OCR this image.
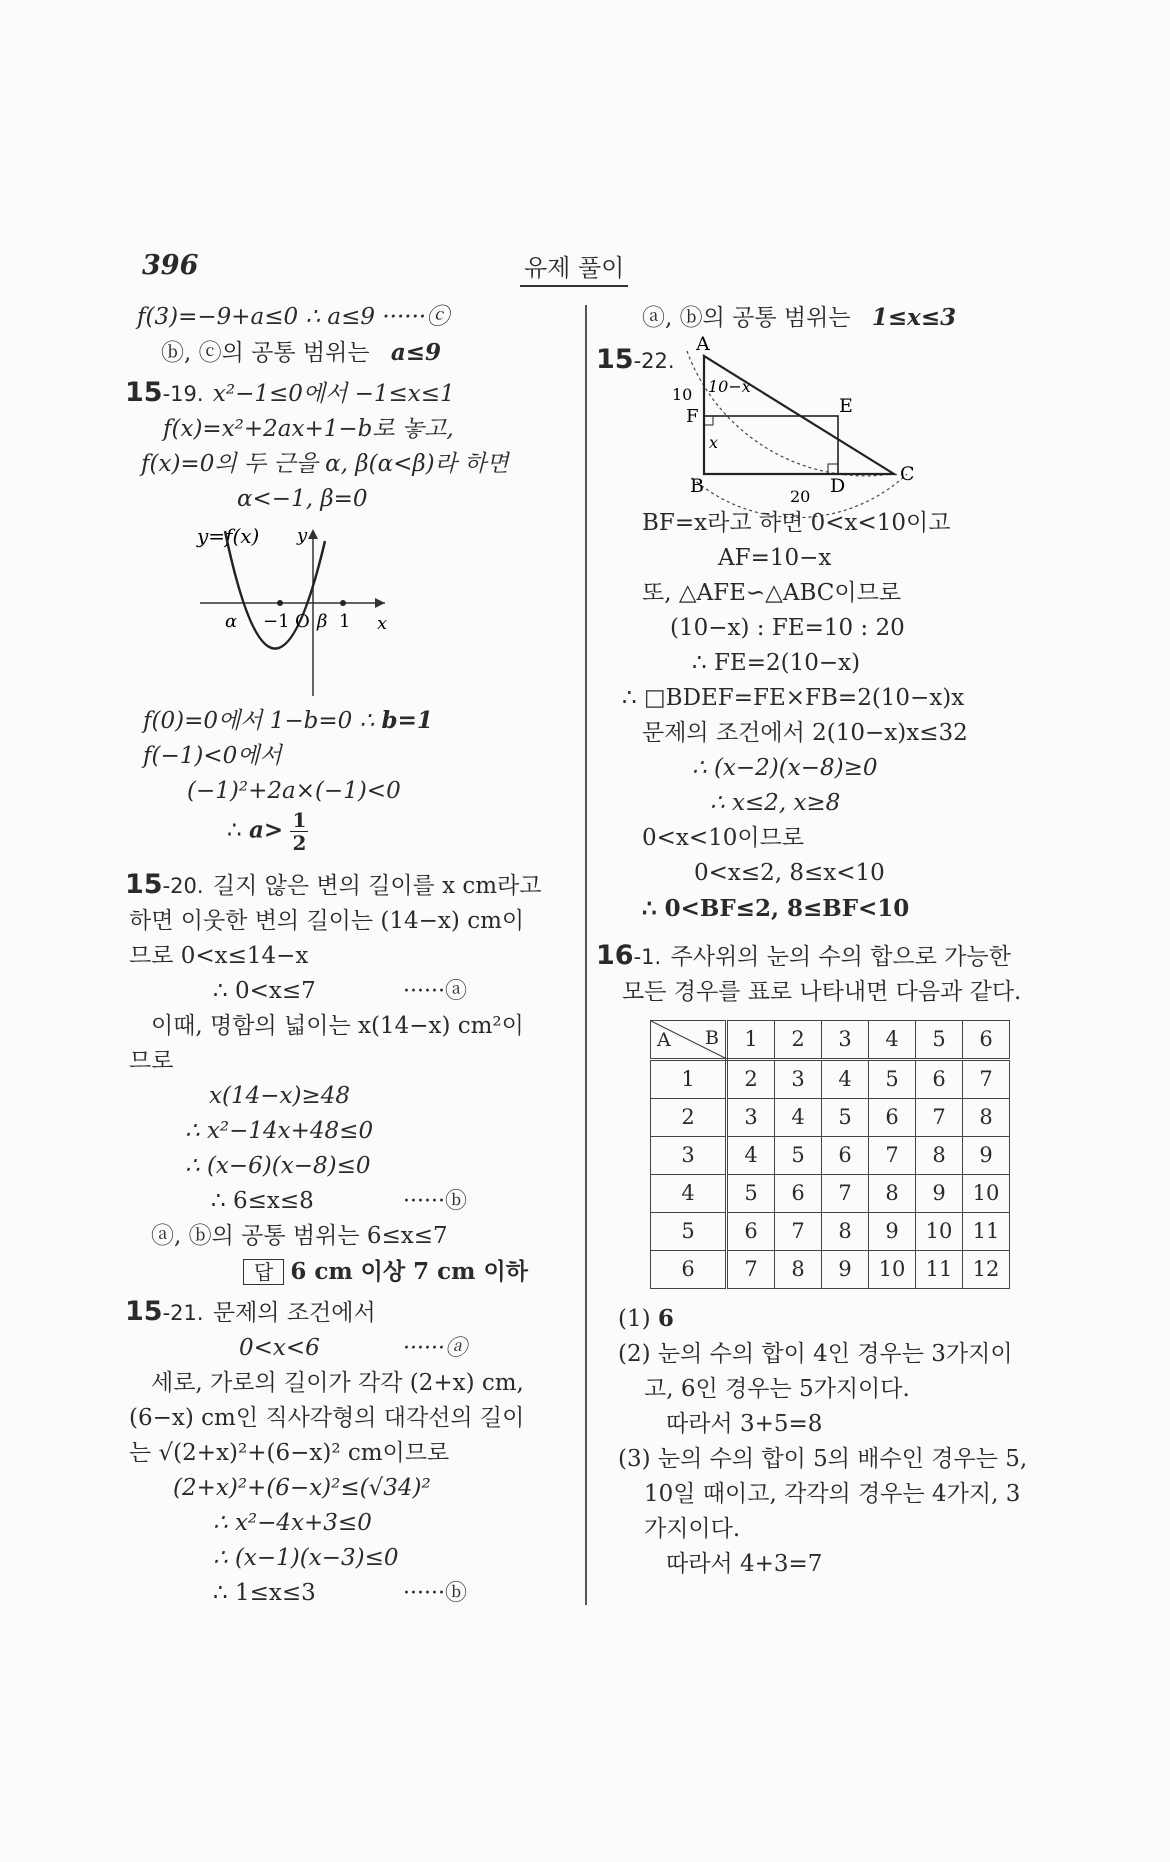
396	유제 풀이
f(3)=−9+a≤0 ∴ a≤9 ······ⓒ
ⓑ, ⓒ의 공통 범위는 a≤9
15-19. x²−1≤0에서 −1≤x≤1
f(x)=x²+2ax+1−b로 놓고,
f(x)=0의 두 근을 α, β(α<β)라 하면
α<−1, β=0
y=f(x) y
x
α −1 O β 1
f(0)=0에서 1−b=0 ∴ b=1
f(−1)<0에서
(−1)²+2a×(−1)<0
∴ $a> \frac{1}{2}$
15-20. 길지 않은 변의 길이를 x cm라고
하면 이웃한 변의 길이는 (14−x) cm이
므로 0<x≤14−x
∴ 0<x≤7	······ⓐ
이때, 명함의 넓이는 x(14−x) cm²이
므로
x(14−x)≥48
∴ x²−14x+48≤0
∴ (x−6)(x−8)≤0
∴ 6≤x≤8	······ⓑ
ⓐ, ⓑ의 공통 범위는 6≤x≤7
답 6 cm 이상 7 cm 이하
15-21. 문제의 조건에서
0<x<6	······ⓐ
세로, 가로의 길이가 각각 (2+x) cm,
(6−x) cm인 직사각형의 대각선의 길이
는 √(2+x)²+(6−x)² cm이므로
(2+x)²+(6−x)²≤(√34)²
∴ x²−4x+3≤0
∴ (x−1)(x−3)≤0
∴ 1≤x≤3	······ⓑ
ⓐ, ⓑ의 공통 범위는 1≤x≤3
15-22.
A
B
C
D
E
F
10 10−x
x
20
BF=x라고 하면 0<x<10이고
AF=10−x
또, △AFE∽△ABC이므로
(10−x) : FE=10 : 20
∴ FE=2(10−x)
∴ □BDEF=FE×FB=2(10−x)x
문제의 조건에서 2(10−x)x≤32
∴ (x−2)(x−8)≥0
∴ x≤2, x≥8
0<x<10이므로
0<x≤2, 8≤x<10
∴ 0<BF≤2, 8≤BF<10
16-1. 주사위의 눈의 수의 합으로 가능한
모든 경우를 표로 나타내면 다음과 같다.
B
A	1	2	3	4	5	6
1	2	3	4	5	6	7
2	3	4	5	6	7	8
3	4	5	6	7	8	9
4	5	6	7	8	9	10
5	6	7	8	9	10	11
6	7	8	9	10	11	12
(1) 6
(2) 눈의 수의 합이 4인 경우는 3가지이
고, 6인 경우는 5가지이다.
따라서 3+5=8
(3) 눈의 수의 합이 5의 배수인 경우는 5,
10일 때이고, 각각의 경우는 4가지, 3
가지이다.
따라서 4+3=7
